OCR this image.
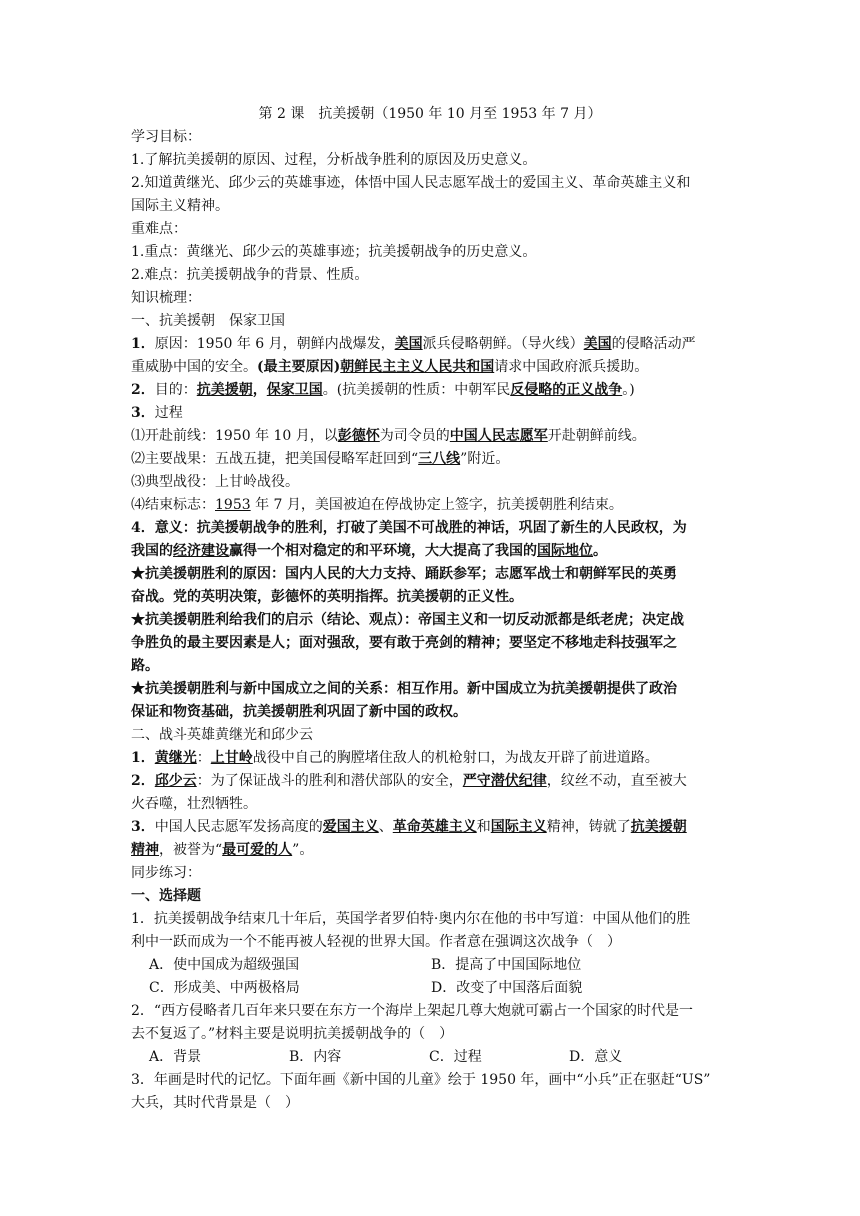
第 2 课　抗美援朝（1950 年 10 月至 1953 年 7 月）
学习目标：
1.了解抗美援朝的原因、过程，分析战争胜利的原因及历史意义。
2.知道黄继光、邱少云的英雄事迹，体悟中国人民志愿军战士的爱国主义、革命英雄主义和
国际主义精神。
重难点：
1.重点：黄继光、邱少云的英雄事迹；抗美援朝战争的历史意义。
2.难点：抗美援朝战争的背景、性质。
知识梳理：
一、抗美援朝　保家卫国
1．原因：1950 年 6 月，朝鲜内战爆发，美国派兵侵略朝鲜。（导火线）美国的侵略活动严
重威胁中国的安全。(最主要原因)朝鲜民主主义人民共和国请求中国政府派兵援助。
2．目的：抗美援朝，保家卫国。(抗美援朝的性质：中朝军民反侵略的正义战争。)
3．过程
⑴开赴前线：1950 年 10 月，以彭德怀为司令员的中国人民志愿军开赴朝鲜前线。
⑵主要战果：五战五捷，把美国侵略军赶回到“三八线”附近。
⑶典型战役：上甘岭战役。
⑷结束标志：1953 年 7 月，美国被迫在停战协定上签字，抗美援朝胜利结束。
4．意义：抗美援朝战争的胜利，打破了美国不可战胜的神话，巩固了新生的人民政权，为
我国的经济建设赢得一个相对稳定的和平环境，大大提高了我国的国际地位。
★抗美援朝胜利的原因：国内人民的大力支持、踊跃参军；志愿军战士和朝鲜军民的英勇
奋战。党的英明决策，彭德怀的英明指挥。抗美援朝的正义性。
★抗美援朝胜利给我们的启示（结论、观点）：帝国主义和一切反动派都是纸老虎；决定战
争胜负的最主要因素是人；面对强敌，要有敢于亮剑的精神；要坚定不移地走科技强军之
路。
★抗美援朝胜利与新中国成立之间的关系：相互作用。新中国成立为抗美援朝提供了政治
保证和物资基础，抗美援朝胜利巩固了新中国的政权。
二、战斗英雄黄继光和邱少云
1．黄继光：上甘岭战役中自己的胸膛堵住敌人的机枪射口，为战友开辟了前进道路。
2．邱少云：为了保证战斗的胜利和潜伏部队的安全，严守潜伏纪律，纹丝不动，直至被大
火吞噬，壮烈牺牲。
3．中国人民志愿军发扬高度的爱国主义、革命英雄主义和国际主义精神，铸就了抗美援朝
精神，被誉为“最可爱的人”。
同步练习：
一、选择题
1．抗美援朝战争结束几十年后，英国学者罗伯特·奥内尔在他的书中写道：中国从他们的胜
利中一跃而成为一个不能再被人轻视的世界大国。作者意在强调这次战争（　）
A．使中国成为超级强国	B．提高了中国国际地位
C．形成美、中两极格局	D．改变了中国落后面貌
2．“西方侵略者几百年来只要在东方一个海岸上架起几尊大炮就可霸占一个国家的时代是一
去不复返了。”材料主要是说明抗美援朝战争的（　）
A．背景	B．内容	C．过程	D．意义
3．年画是时代的记忆。下面年画《新中国的儿童》绘于 1950 年，画中“小兵”正在驱赶“US”
大兵，其时代背景是（　）
